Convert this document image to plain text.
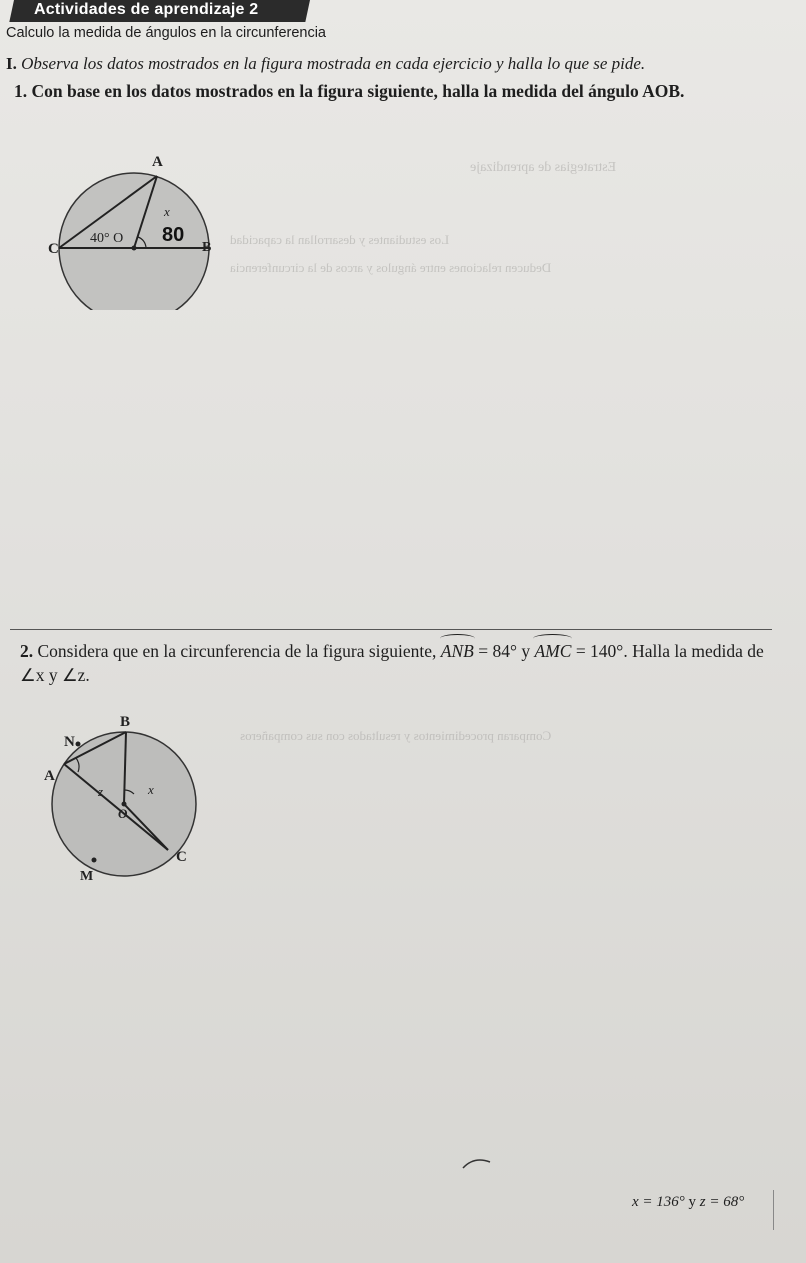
Estrategias de aprendizaje
Los estudiantes y desarrollan la capacidad
Deducen relaciones entre ángulos y arcos de la circunferencia
Comparan procedimientos y resultados con sus compañeros
Actividades de aprendizaje 2
Calculo la medida de ángulos en la circunferencia
I. Observa los datos mostrados en la figura mostrada en cada ejercicio y halla lo que se pide.
1. Con base en los datos mostrados en la figura siguiente, halla la medida del ángulo AOB.
A
C	B
40° O
x
80
2. Considera que en la circunferencia de la figura siguiente, ANB = 84° y AMC = 140°. Halla la medida de ∠x y ∠z.
B
N
A
C
M
O
x
z
x = 136° y z = 68°
